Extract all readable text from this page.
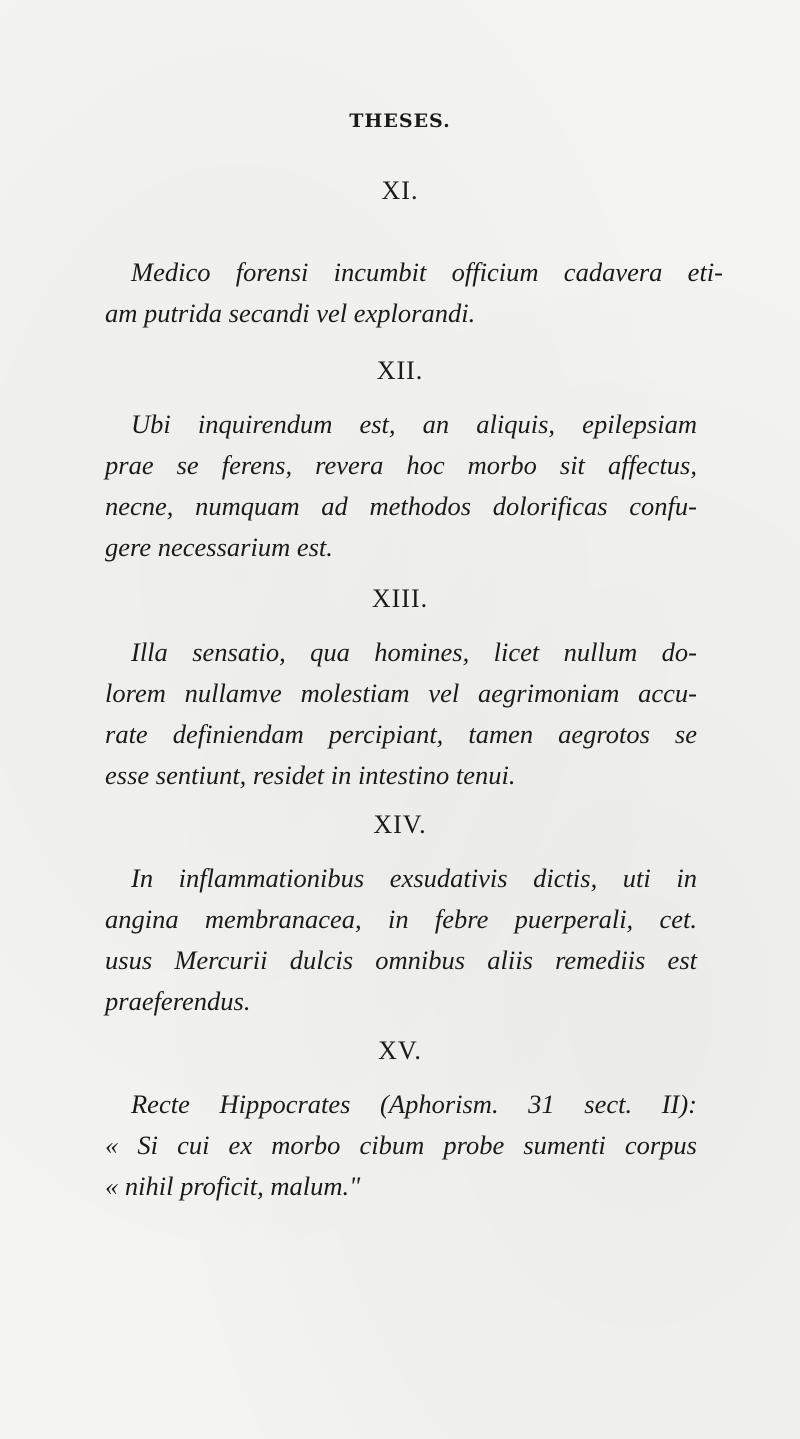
THESES.
XI.
Medico forensi incumbit officium cadavera eti-
am putrida secandi vel explorandi.
XII.
Ubi inquirendum est, an aliquis, epilepsiam
prae se ferens, revera hoc morbo sit affectus,
necne, numquam ad methodos dolorificas confu-
gere necessarium est.
XIII.
Illa sensatio, qua homines, licet nullum do-
lorem nullamve molestiam vel aegrimoniam accu-
rate definiendam percipiant, tamen aegrotos se
esse sentiunt, residet in intestino tenui.
XIV.
In inflammationibus exsudativis dictis, uti in
angina membranacea, in febre puerperali, cet.
usus Mercurii dulcis omnibus aliis remediis est
praeferendus.
XV.
Recte Hippocrates (Aphorism. 31 sect. II):
« Si cui ex morbo cibum probe sumenti corpus
« nihil proficit, malum."
